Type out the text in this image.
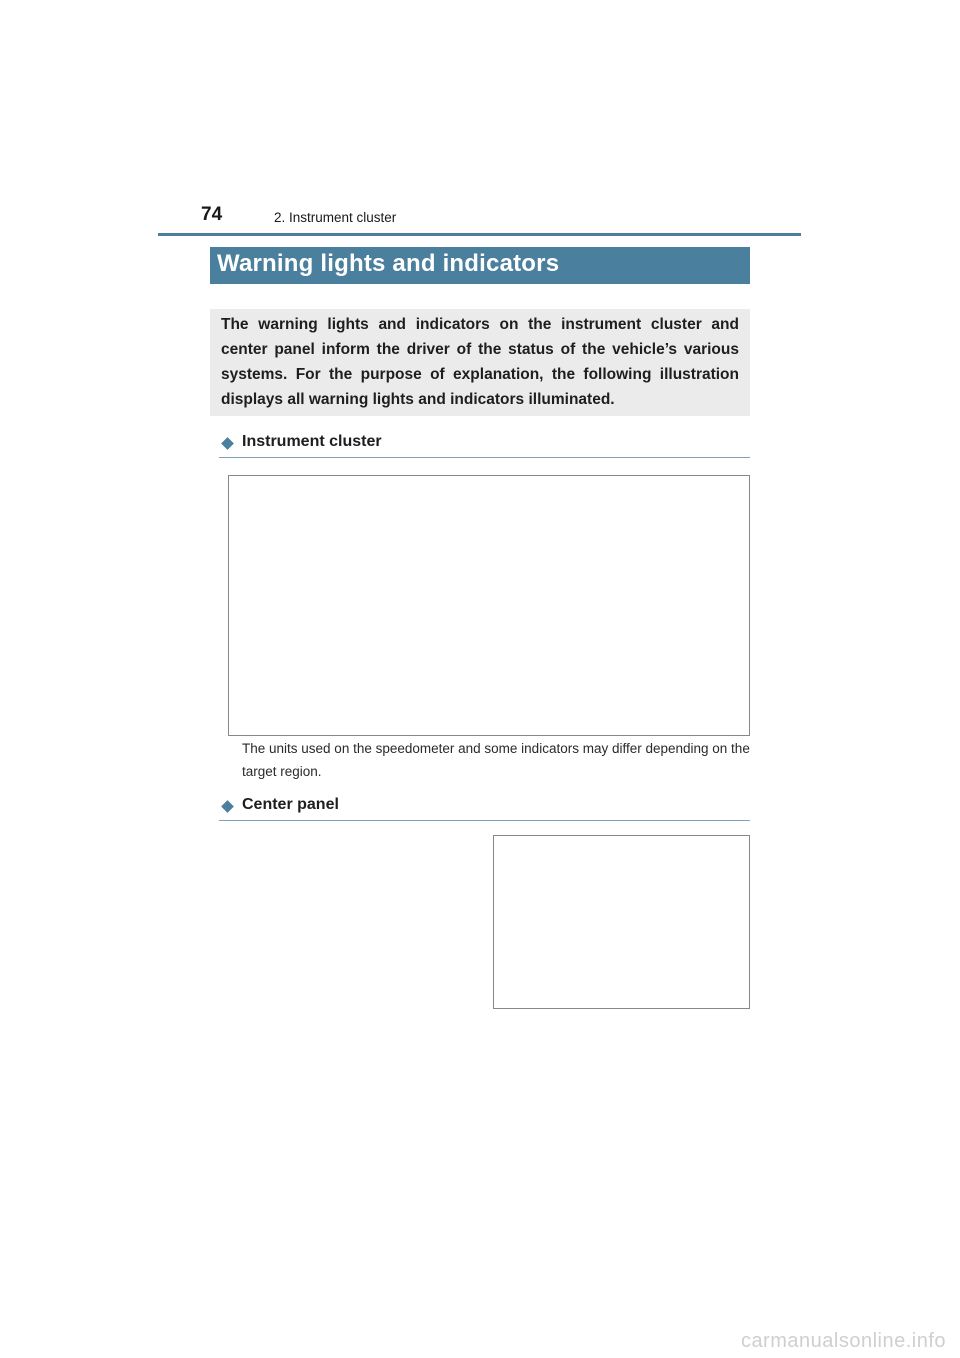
74	2. Instrument cluster
Warning lights and indicators

The warning lights and indicators on the instrument cluster and center panel inform the driver of the status of the vehicle’s various systems. For the purpose of explanation, the following illustration displays all warning lights and indicators illuminated.

Instrument cluster

The units used on the speedometer and some indicators may differ depending on the target region.

Center panel
carmanualsonline.info
